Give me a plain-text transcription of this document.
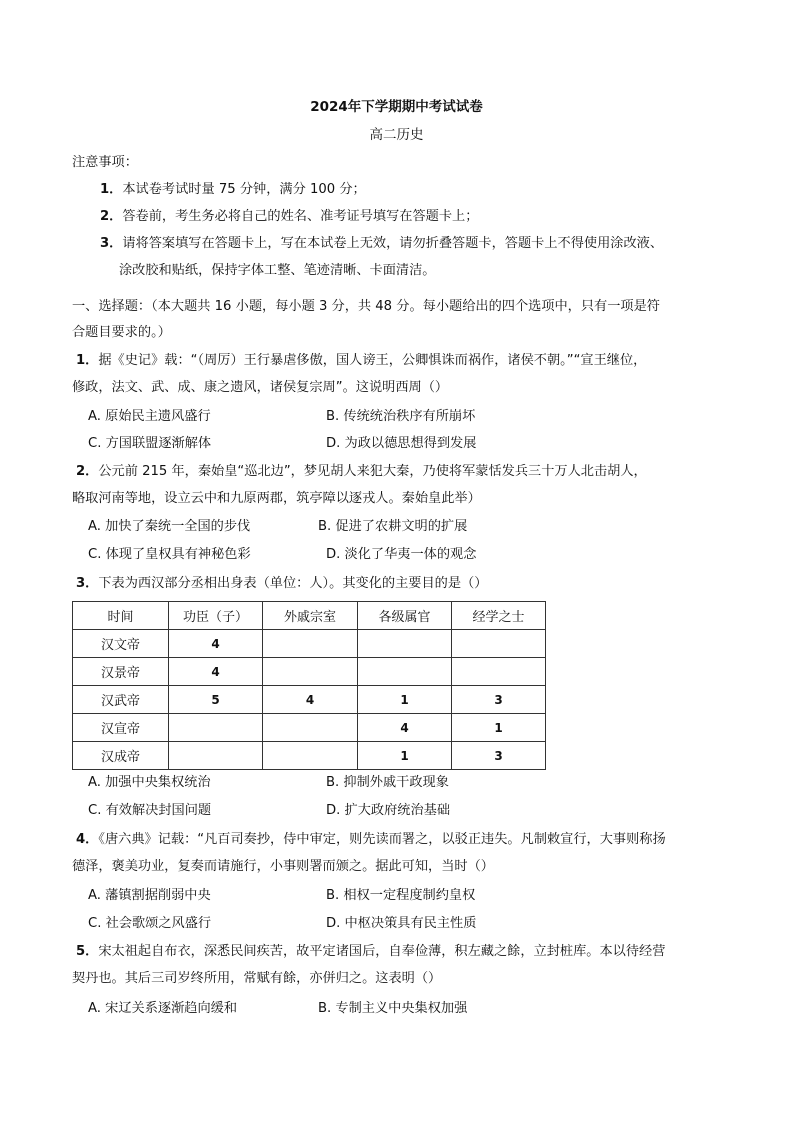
2024年下学期期中考试试卷
高二历史
注意事项：
1．本试卷考试时量 75 分钟，满分 100 分；
2．答卷前，考生务必将自己的姓名、准考证号填写在答题卡上；
3．请将答案填写在答题卡上，写在本试卷上无效，请勿折叠答题卡，答题卡上不得使用涂改液、
涂改胶和贴纸，保持字体工整、笔迹清晰、卡面清洁。
一、选择题：（本大题共 16 小题，每小题 3 分，共 48 分。每小题给出的四个选项中，只有一项是符
合题目要求的。）
1．据《史记》载：“（周厉）王行暴虐侈傲，国人谤王，公卿惧诛而祸作，诸侯不朝。”“宣王继位，
修政，法文、武、成、康之遗风，诸侯复宗周”。这说明西周（）
A. 原始民主遗风盛行	B. 传统统治秩序有所崩坏
C. 方国联盟逐渐解体	D. 为政以德思想得到发展
2．公元前 215 年，秦始皇“巡北边”，梦见胡人来犯大秦，乃使将军蒙恬发兵三十万人北击胡人，
略取河南等地，设立云中和九原两郡，筑亭障以逐戎人。秦始皇此举）
A. 加快了秦统一全国的步伐	B. 促进了农耕文明的扩展
C. 体现了皇权具有神秘色彩	D. 淡化了华夷一体的观念
3．下表为西汉部分丞相出身表（单位：人）。其变化的主要目的是（）
时间	功臣（子）	外戚宗室	各级属官	经学之士
汉文帝	4			
汉景帝	4			
汉武帝	5	4	1	3
汉宣帝			4	1
汉成帝			1	3
A. 加强中央集权统治	B. 抑制外戚干政现象
C. 有效解决封国问题	D. 扩大政府统治基础
4．《唐六典》记载：“凡百司奏抄，侍中审定，则先读而署之，以驳正违失。凡制敕宣行，大事则称扬
德泽，褒美功业，复奏而请施行，小事则署而颁之。据此可知，当时（）
A. 藩镇割据削弱中央	B. 相权一定程度制约皇权
C. 社会歌颂之风盛行	D. 中枢决策具有民主性质
5．宋太祖起自布衣，深悉民间疾苦，故平定诸国后，自奉俭薄，积左藏之餘，立封桩库。本以待经营
契丹也。其后三司岁终所用，常赋有餘，亦併归之。这表明（）
A. 宋辽关系逐渐趋向缓和	B. 专制主义中央集权加强
